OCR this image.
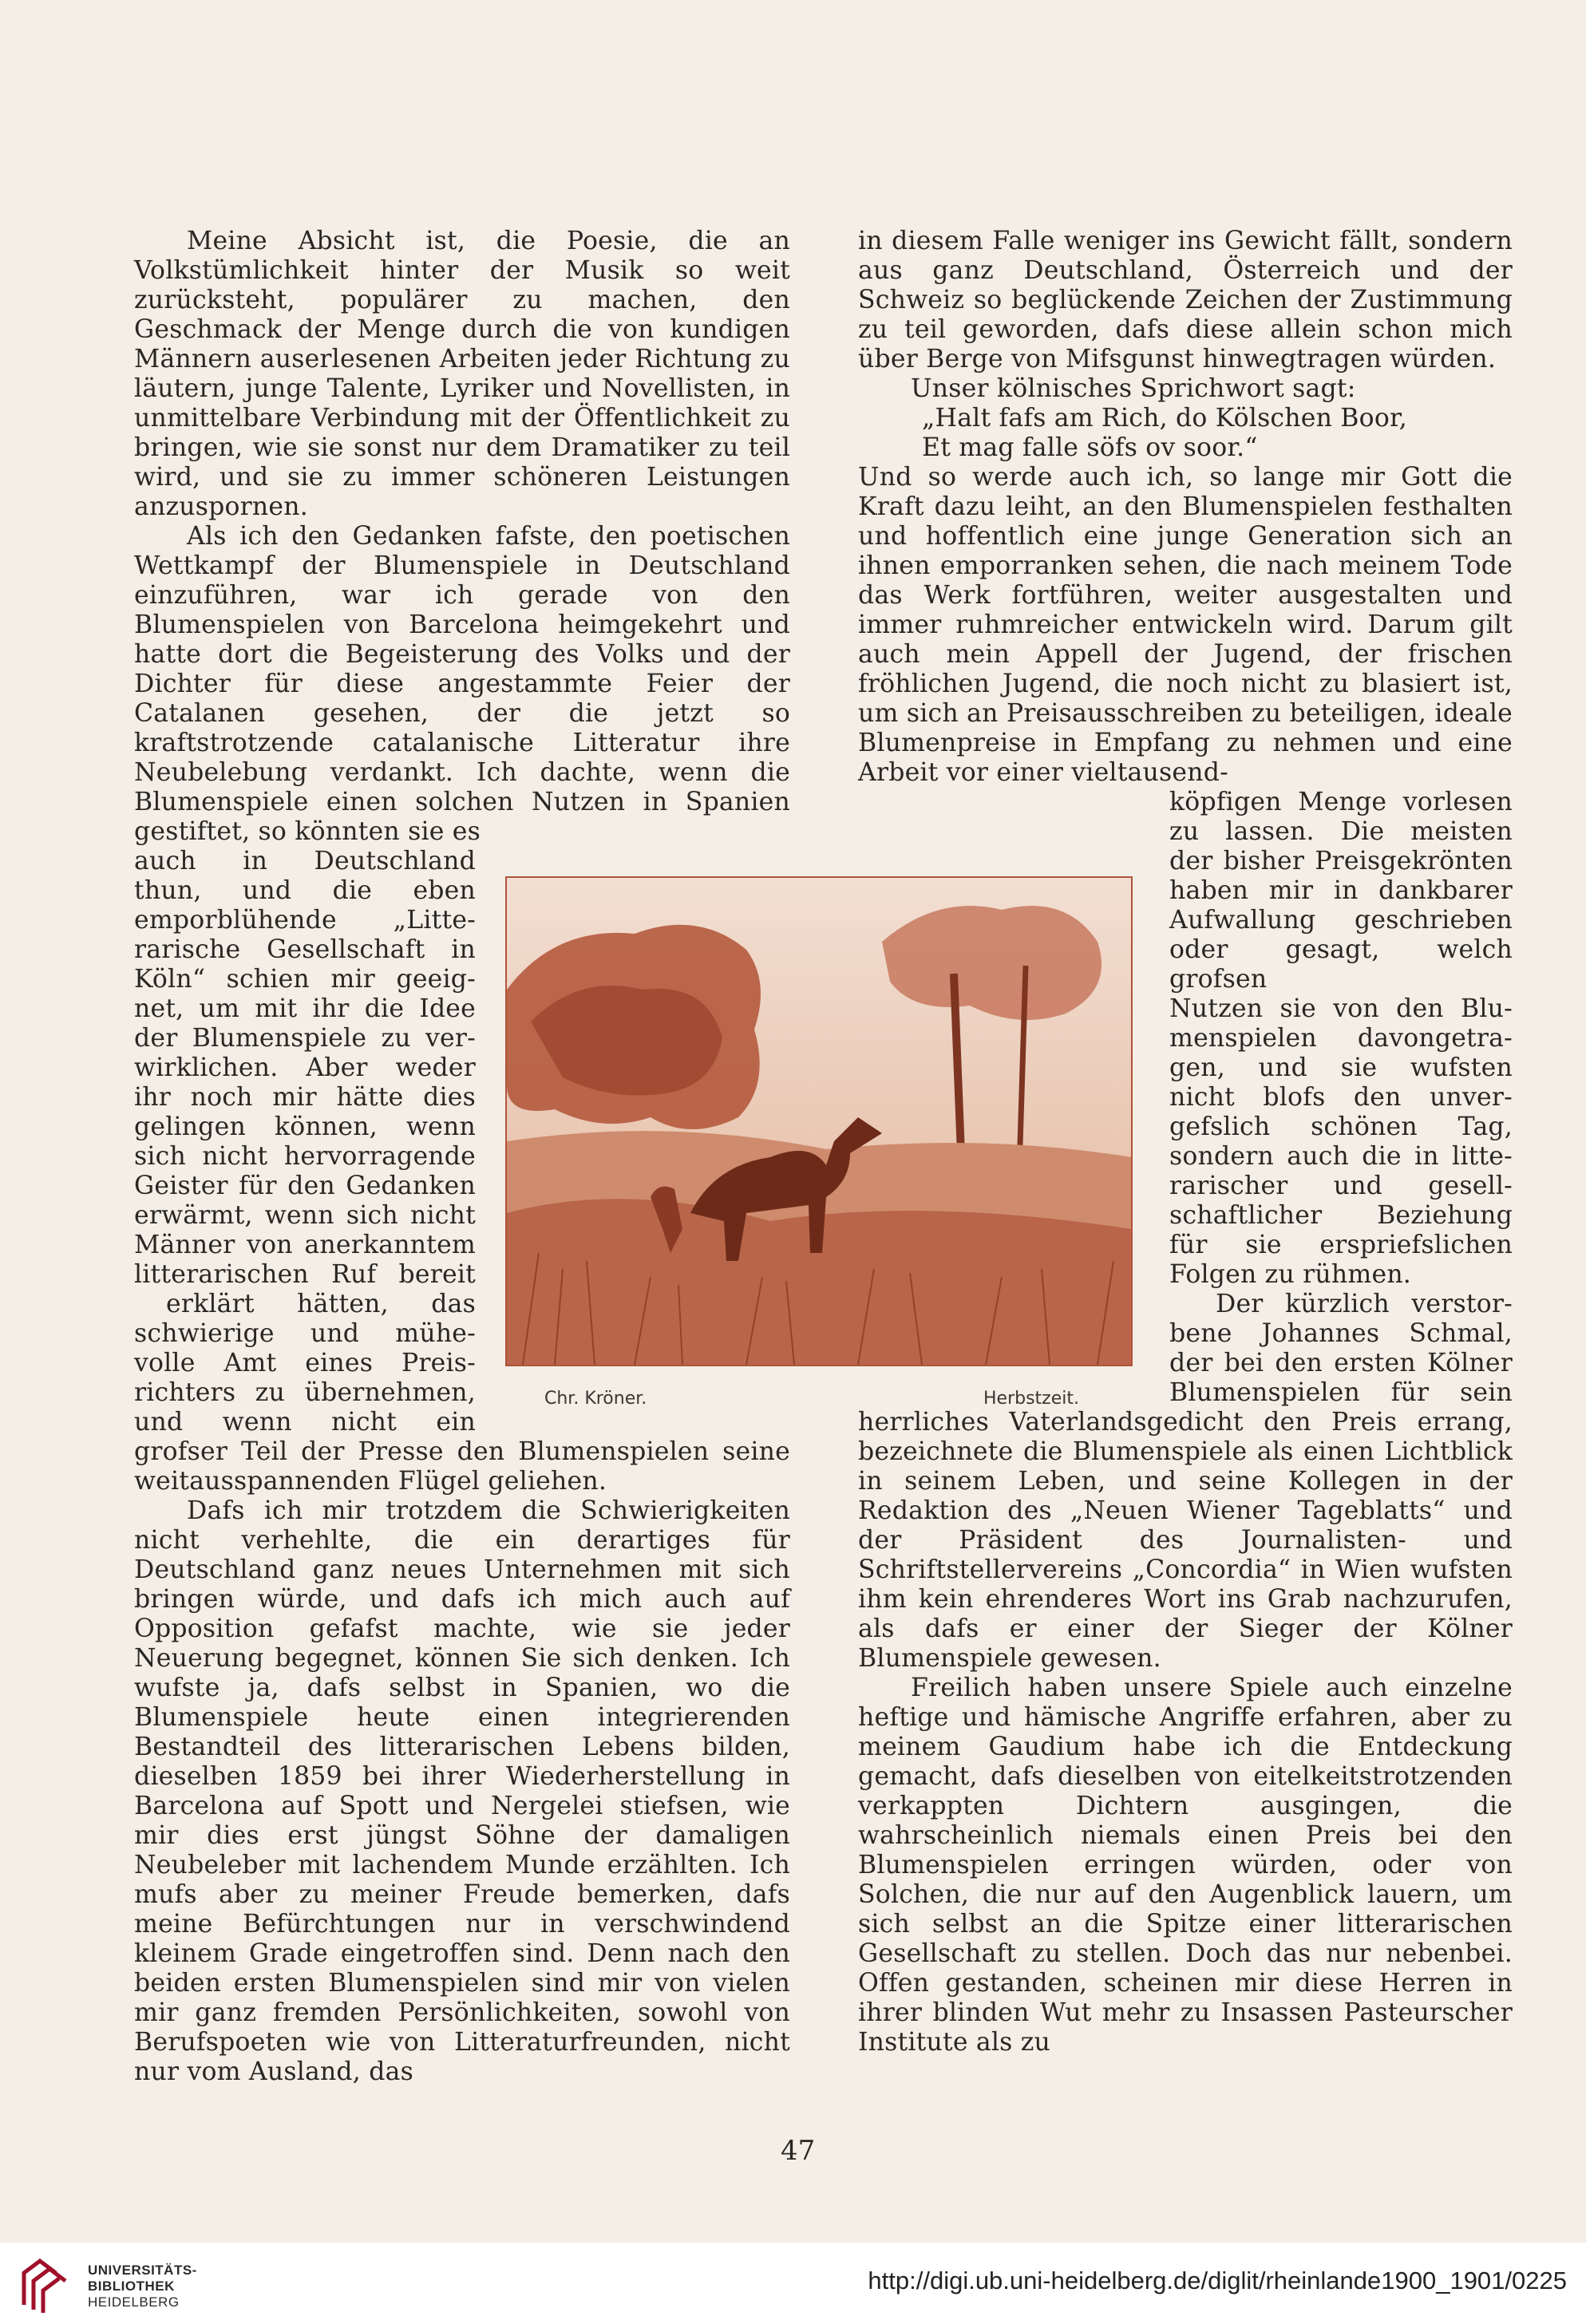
Meine Absicht ist, die Poesie, die an Volkstümlichkeit hinter der Musik so weit zurücksteht, populärer zu machen, den Geschmack der Menge durch die von kundigen Männern auserlesenen Arbeiten jeder Richtung zu läutern, junge Talente, Lyriker und Novellisten, in unmittelbare Verbindung mit der Öffentlichkeit zu bringen, wie sie sonst nur dem Dramatiker zu teil wird, und sie zu immer schöneren Leistungen anzuspornen.

Als ich den Gedanken fafste, den poetischen Wettkampf der Blumenspiele in Deutschland einzuführen, war ich gerade von den Blumenspielen von Barcelona heimgekehrt und hatte dort die Begeisterung des Volks und der Dichter für diese angestammte Feier der Catalanen gesehen, der die jetzt so kraftstrotzende catalanische Litteratur ihre Neubelebung verdankt. Ich dachte, wenn die Blumenspiele einen solchen Nutzen in Spanien gestiftet, so könnten sie es

auch in Deutschland
thun, und die eben
emporblühende „Litte-
rarische Gesellschaft in
Köln“ schien mir geeig-
net, um mit ihr die Idee
der Blumenspiele zu ver-
wirklichen. Aber weder
ihr noch mir hätte dies
gelingen können, wenn
sich nicht hervorragende
Geister für den Gedanken
erwärmt, wenn sich nicht
Männer von anerkanntem
litterarischen Ruf bereit
erklärt hätten, das
schwierige und mühe-
volle Amt eines Preis-
richters zu übernehmen,
und wenn nicht ein

grofser Teil der Presse den Blumenspielen seine weitausspannenden Flügel geliehen.

Dafs ich mir trotzdem die Schwierigkeiten nicht verhehlte, die ein derartiges für Deutschland ganz neues Unternehmen mit sich bringen würde, und dafs ich mich auch auf Opposition gefafst machte, wie sie jeder Neuerung begegnet, können Sie sich denken. Ich wufste ja, dafs selbst in Spanien, wo die Blumenspiele heute einen integrierenden Bestandteil des litterarischen Lebens bilden, dieselben 1859 bei ihrer Wiederherstellung in Barcelona auf Spott und Nergelei stiefsen, wie mir dies erst jüngst Söhne der damaligen Neubeleber mit lachendem Munde erzählten. Ich mufs aber zu meiner Freude bemerken, dafs meine Befürchtungen nur in verschwindend kleinem Grade eingetroffen sind. Denn nach den beiden ersten Blumenspielen sind mir von vielen mir ganz fremden Persönlichkeiten, sowohl von Berufspoeten wie von Litteraturfreunden, nicht nur vom Ausland, das

in diesem Falle weniger ins Gewicht fällt, sondern aus ganz Deutschland, Österreich und der Schweiz so beglückende Zeichen der Zustimmung zu teil geworden, dafs diese allein schon mich über Berge von Mifsgunst hinwegtragen würden.

Unser kölnisches Sprichwort sagt:

„Halt fafs am Rich, do Kölschen Boor,

Et mag falle söfs ov soor.“

Und so werde auch ich, so lange mir Gott die Kraft dazu leiht, an den Blumenspielen festhalten und hoffentlich eine junge Generation sich an ihnen emporranken sehen, die nach meinem Tode das Werk fortführen, weiter ausgestalten und immer ruhmreicher entwickeln wird. Darum gilt auch mein Appell der Jugend, der frischen fröhlichen Jugend, die noch nicht zu blasiert ist, um sich an Preisausschreiben zu beteiligen, ideale Blumenpreise in Empfang zu nehmen und eine Arbeit vor einer vieltausend-

köpfigen Menge vorlesen
zu lassen. Die meisten
der bisher Preisgekrönten
haben mir in dankbarer
Aufwallung geschrieben
oder gesagt, welch grofsen
Nutzen sie von den Blu-
menspielen davongetra-
gen, und sie wufsten
nicht blofs den unver-
gefslich schönen Tag,
sondern auch die in litte-
rarischer und gesell-
schaftlicher Beziehung
für sie erspriefslichen
Folgen zu rühmen.
Der kürzlich verstor-
bene Johannes Schmal,
der bei den ersten Kölner
Blumenspielen für sein

herrliches Vaterlandsgedicht den Preis errang, bezeichnete die Blumenspiele als einen Lichtblick in seinem Leben, und seine Kollegen in der Redaktion des „Neuen Wiener Tageblatts“ und der Präsident des Journalisten- und Schriftstellervereins „Concordia“ in Wien wufsten ihm kein ehrenderes Wort ins Grab nachzurufen, als dafs er einer der Sieger der Kölner Blumenspiele gewesen.

Freilich haben unsere Spiele auch einzelne heftige und hämische Angriffe erfahren, aber zu meinem Gaudium habe ich die Entdeckung gemacht, dafs dieselben von eitelkeitstrotzenden verkappten Dichtern ausgingen, die wahrscheinlich niemals einen Preis bei den Blumenspielen erringen würden, oder von Solchen, die nur auf den Augenblick lauern, um sich selbst an die Spitze einer litterarischen Gesellschaft zu stellen. Doch das nur nebenbei. Offen gestanden, scheinen mir diese Herren in ihrer blinden Wut mehr zu Insassen Pasteurscher Institute als zu

Chr. Kröner.	Herbstzeit.
47
UNIVERSITÄTS-
BIBLIOTHEK
HEIDELBERG
http://digi.ub.uni-heidelberg.de/diglit/rheinlande1900_1901/0225
